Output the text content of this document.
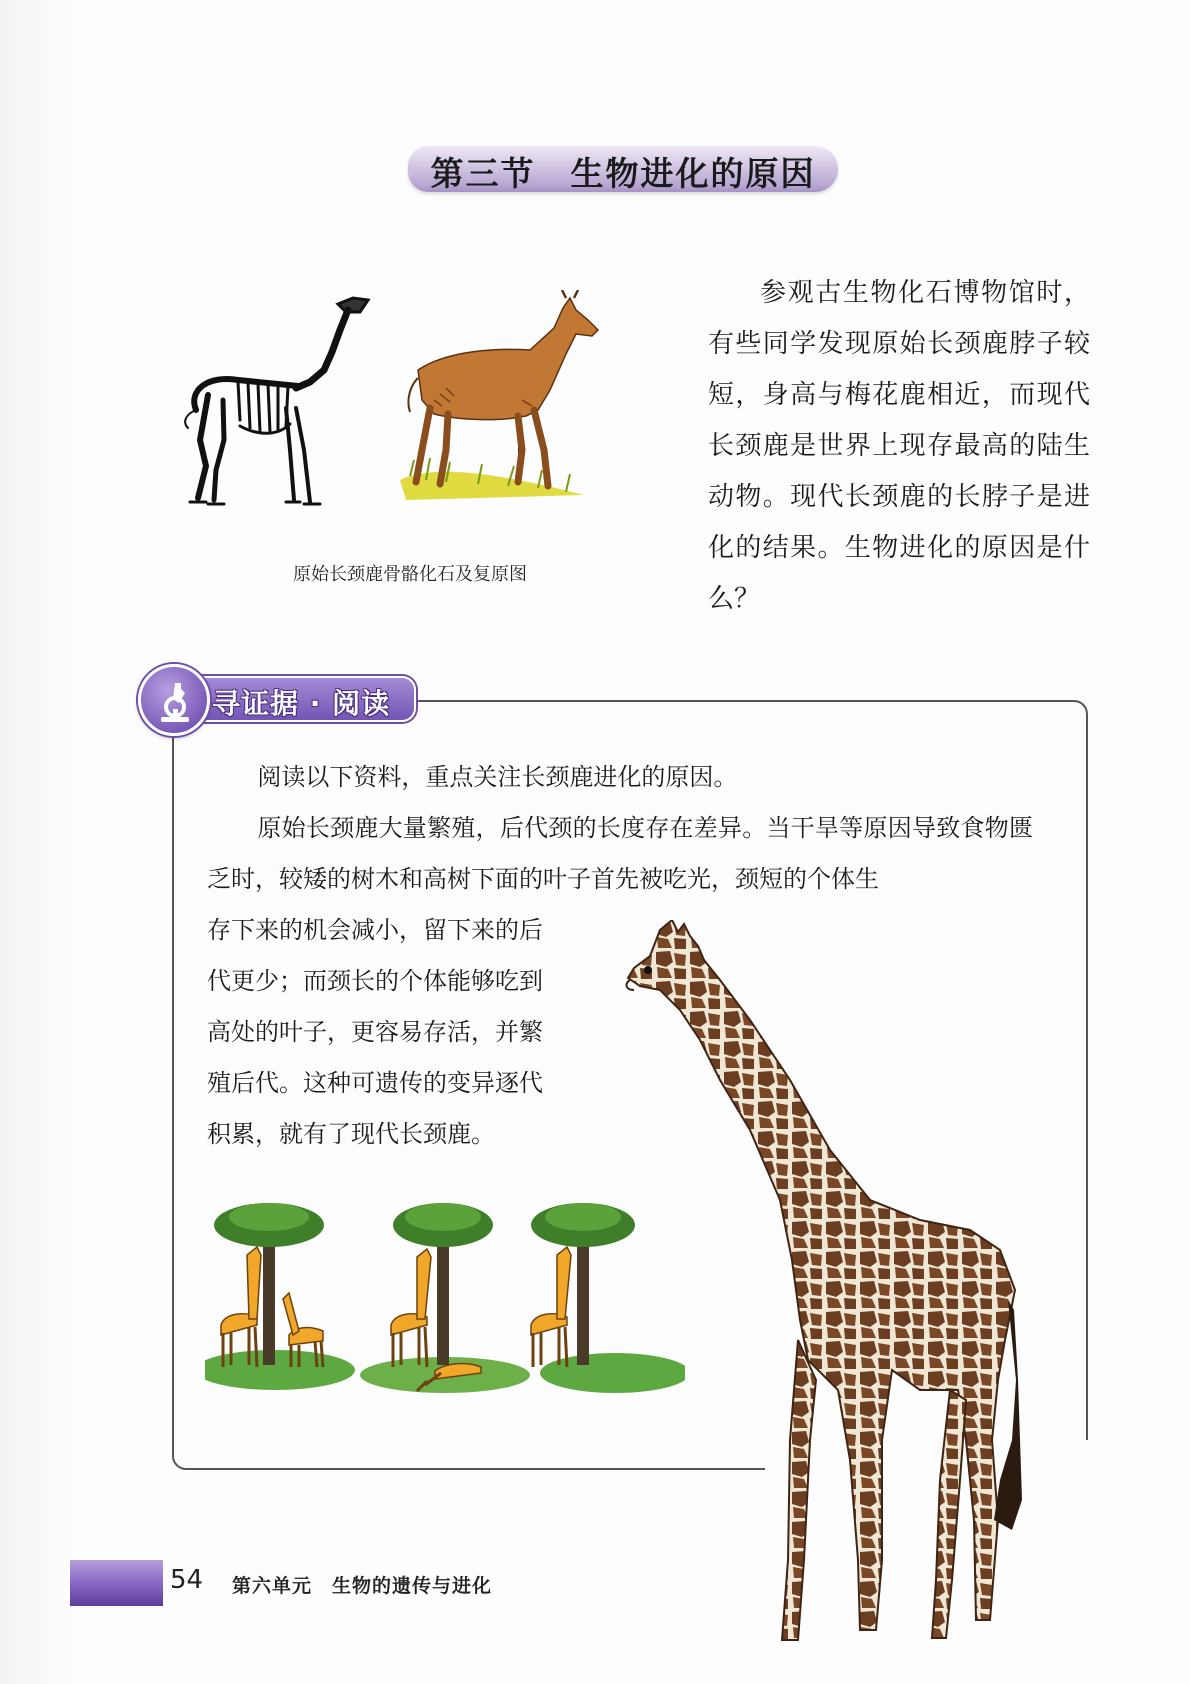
第三节　生物进化的原因
原始长颈鹿骨骼化石及复原图

参观古生物化石博物馆时，有些同学发现原始长颈鹿脖子较短，身高与梅花鹿相近，而现代长颈鹿是世界上现存最高的陆生动物。现代长颈鹿的长脖子是进化的结果。生物进化的原因是什么？

寻证据 · 阅读

阅读以下资料，重点关注长颈鹿进化的原因。

原始长颈鹿大量繁殖，后代颈的长度存在差异。当干旱等原因导致食物匮乏时，较矮的树木和高树下面的叶子首先被吃光，颈短的个体生

存下来的机会减小，留下来的后
代更少；而颈长的个体能够吃到
高处的叶子，更容易存活，并繁
殖后代。这种可遗传的变异逐代
积累，就有了现代长颈鹿。
54 第六单元　生物的遗传与进化
